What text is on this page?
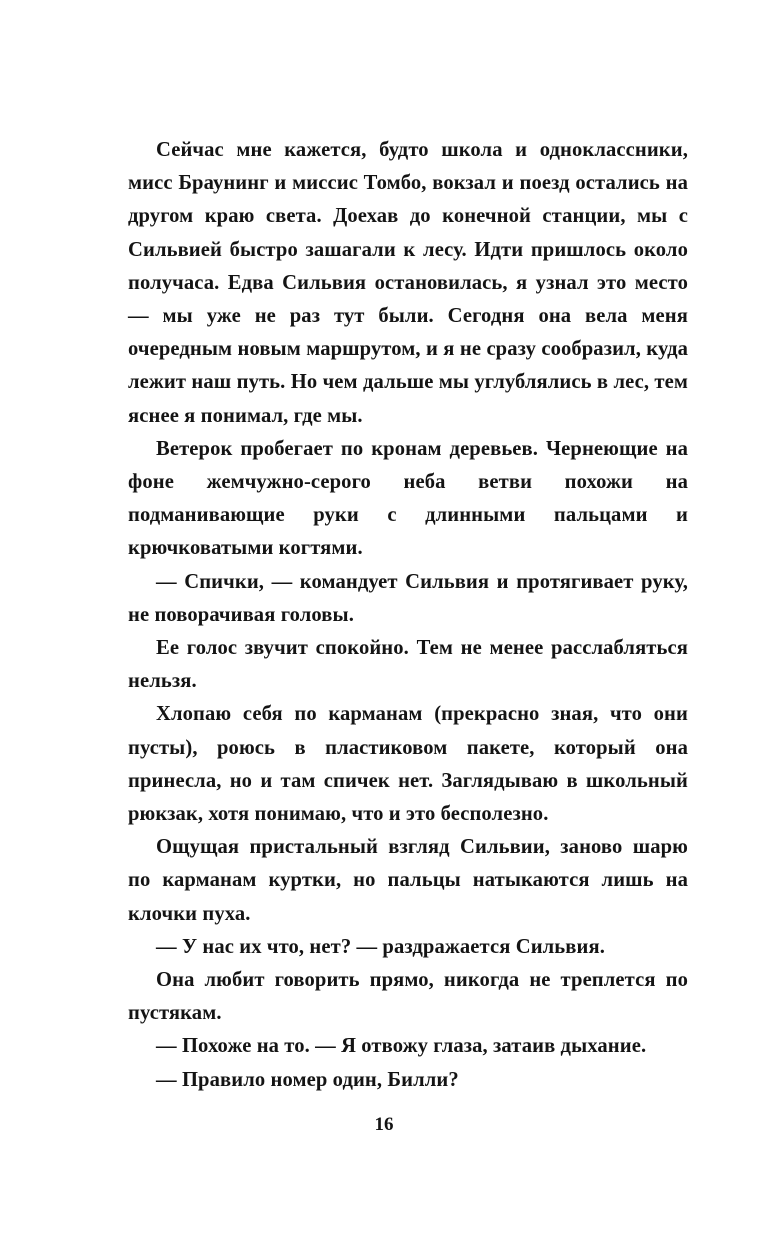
Сейчас мне кажется, будто школа и одноклассники, мисс Браунинг и миссис Томбо, вокзал и поезд остались на другом краю света. Доехав до конечной станции, мы с Сильвией быстро зашагали к лесу. Идти пришлось около получаса. Едва Сильвия остановилась, я узнал это место — мы уже не раз тут были. Сегодня она вела меня очередным новым маршрутом, и я не сразу сообразил, куда лежит наш путь. Но чем дальше мы углублялись в лес, тем яснее я понимал, где мы.

Ветерок пробегает по кронам деревьев. Чернеющие на фоне жемчужно-серого неба ветви похожи на подманивающие руки с длинными пальцами и крючковатыми когтями.

— Спички, — командует Сильвия и протягивает руку, не поворачивая головы.

Ее голос звучит спокойно. Тем не менее расслабляться нельзя.

Хлопаю себя по карманам (прекрасно зная, что они пусты), роюсь в пластиковом пакете, который она принесла, но и там спичек нет. Заглядываю в школьный рюкзак, хотя понимаю, что и это бесполезно.

Ощущая пристальный взгляд Сильвии, заново шарю по карманам куртки, но пальцы натыкаются лишь на клочки пуха.

— У нас их что, нет? — раздражается Сильвия.

Она любит говорить прямо, никогда не треплется по пустякам.

— Похоже на то. — Я отвожу глаза, затаив дыхание.

— Правило номер один, Билли?

16
